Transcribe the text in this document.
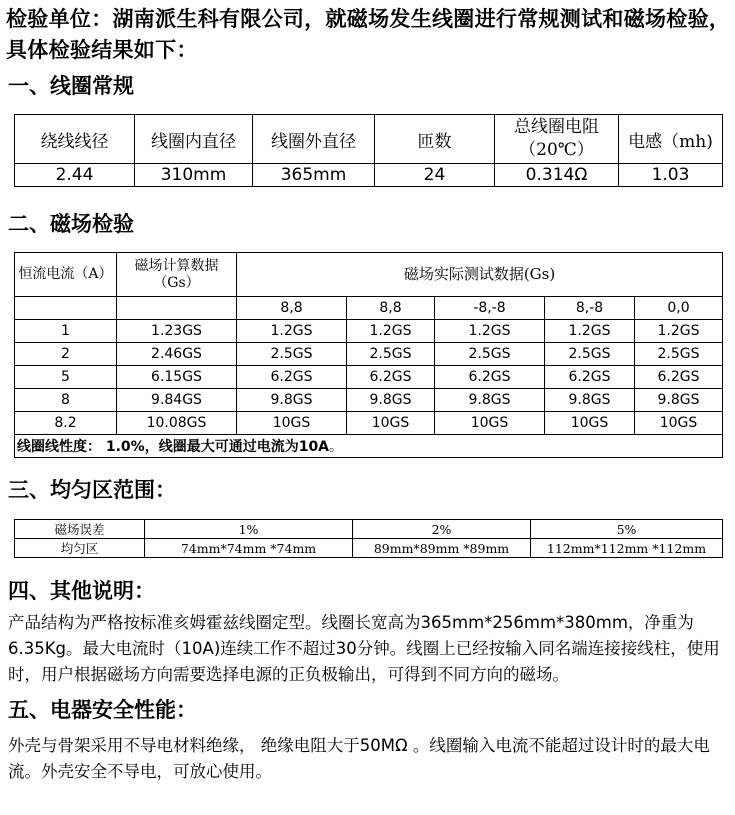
检验单位：湖南派生科有限公司，就磁场发生线圈进行常规测试和磁场检验，具体检验结果如下：
一、线圈常规
绕线线径	线圈内直径	线圈外直径	匝数	总线圈电阻（20℃）	电感（mh)
2.44	310mm	365mm	24	0.314Ω	1.03
二、磁场检验
恒流电流（A）	磁场计算数据（Gs）	磁场实际测试数据(Gs)				
		8,8	8,8	-8,-8	8,-8	0,0
1	1.23GS	1.2GS	1.2GS	1.2GS	1.2GS	1.2GS
2	2.46GS	2.5GS	2.5GS	2.5GS	2.5GS	2.5GS
5	6.15GS	6.2GS	6.2GS	6.2GS	6.2GS	6.2GS
8	9.84GS	9.8GS	9.8GS	9.8GS	9.8GS	9.8GS
8.2	10.08GS	10GS	10GS	10GS	10GS	10GS
线圈线性度： 1.0%，线圈最大可通过电流为10A。						
三、均匀区范围：
磁场误差	1%	2%	5%
均匀区	74mm*74mm *74mm	89mm*89mm *89mm	112mm*112mm *112mm
四、其他说明：
产品结构为严格按标准亥姆霍兹线圈定型。线圈长宽高为365mm*256mm*380mm，净重为6.35Kg。最大电流时（10A)连续工作不超过30分钟。线圈上已经按输入同名端连接接线柱，使用时，用户根据磁场方向需要选择电源的正负极输出，可得到不同方向的磁场。
五、电器安全性能：
外壳与骨架采用不导电材料绝缘， 绝缘电阻大于50MΩ 。线圈输入电流不能超过设计时的最大电流。外壳安全不导电，可放心使用。
